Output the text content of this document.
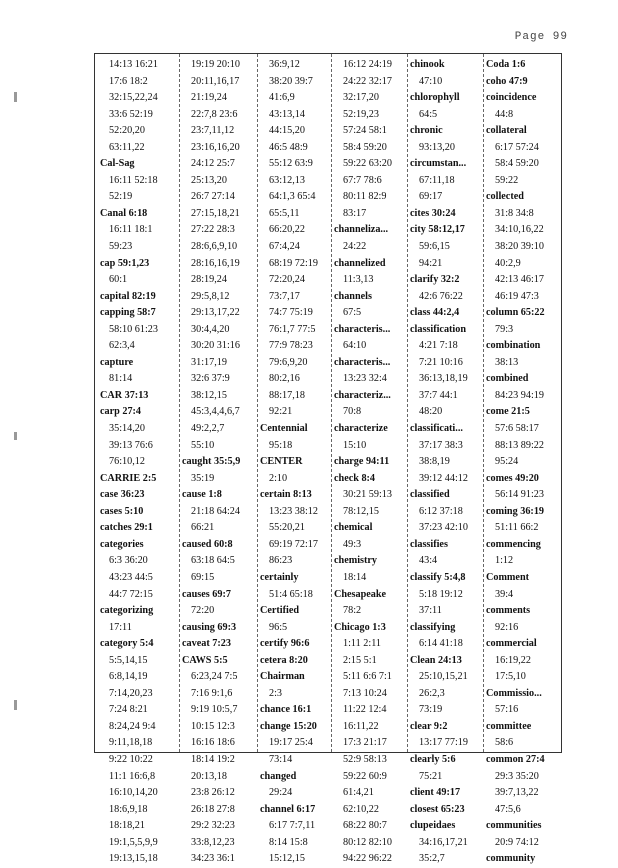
Page 99
14:13 16:21
17:6 18:2
32:15,22,24
33:6 52:19
52:20,20
63:11,22
Cal-Sag
16:11 52:18
52:19
Canal 6:18
16:11 18:1
59:23
cap 59:1,23
60:1
capital 82:19
capping 58:7
58:10 61:23
62:3,4
capture
81:14
CAR 37:13
carp 27:4
35:14,20
39:13 76:6
76:10,12
CARRIE 2:5
case 36:23
cases 5:10
catches 29:1
categories
6:3 36:20
43:23 44:5
44:7 72:15
categorizing
17:11
category 5:4
5:5,14,15
6:8,14,19
7:14,20,23
7:24 8:21
8:24,24 9:4
9:11,18,18
9:22 10:22
11:1 16:6,8
16:10,14,20
18:6,9,18
18:18,21
19:1,5,5,9,9
19:13,15,18
19:19 20:10
20:11,16,17
21:19,24
22:7,8 23:6
23:7,11,12
23:16,16,20
24:12 25:7
25:13,20
26:7 27:14
27:15,18,21
27:22 28:3
28:6,6,9,10
28:16,16,19
28:19,24
29:5,8,12
29:13,17,22
30:4,4,20
30:20 31:16
31:17,19
32:6 37:9
38:12,15
45:3,4,4,6,7
49:2,2,7
55:10
caught 35:5,9
35:19
cause 1:8
21:18 64:24
66:21
caused 60:8
63:18 64:5
69:15
causes 69:7
72:20
causing 69:3
caveat 7:23
CAWS 5:5
6:23,24 7:5
7:16 9:1,6
9:19 10:5,7
10:15 12:3
16:16 18:6
18:14 19:2
20:13,18
23:8 26:12
26:18 27:8
29:2 32:23
33:8,12,23
34:23 36:1
36:9,12
38:20 39:7
41:6,9
43:13,14
44:15,20
46:5 48:9
55:12 63:9
63:12,13
64:1,3 65:4
65:5,11
66:20,22
67:4,24
68:19 72:19
72:20,24
73:7,17
74:7 75:19
76:1,7 77:5
77:9 78:23
79:6,9,20
80:2,16
88:17,18
92:21
Centennial
95:18
CENTER
2:10
certain 8:13
13:23 38:12
55:20,21
69:19 72:17
86:23
certainly
51:4 65:18
Certified
96:5
certify 96:6
cetera 8:20
Chairman
2:3
chance 16:1
change 15:20
19:17 25:4
73:14
changed
29:24
channel 6:17
6:17 7:7,11
8:14 15:8
15:12,15
16:12 24:19
24:22 32:17
32:17,20
52:19,23
57:24 58:1
58:4 59:20
59:22 63:20
67:7 78:6
80:11 82:9
83:17
channeliza...
24:22
channelized
11:3,13
channels
67:5
characteris...
64:10
characteris...
13:23 32:4
characteriz...
70:8
characterize
15:10
charge 94:11
check 8:4
30:21 59:13
78:12,15
chemical
49:3
chemistry
18:14
Chesapeake
78:2
Chicago 1:3
1:11 2:11
2:15 5:1
5:11 6:6 7:1
7:13 10:24
11:22 12:4
16:11,22
17:3 21:17
52:9 58:13
59:22 60:9
61:4,21
62:10,22
68:22 80:7
80:12 82:10
94:22 96:22
chinook
47:10
chlorophyll
64:5
chronic
93:13,20
circumstan...
67:11,18
69:17
cites 30:24
city 58:12,17
59:6,15
94:21
clarify 32:2
42:6 76:22
class 44:2,4
classification
4:21 7:18
7:21 10:16
36:13,18,19
37:7 44:1
48:20
classificati...
37:17 38:3
38:8,19
39:12 44:12
classified
6:12 37:18
37:23 42:10
classifies
43:4
classify 5:4,8
5:18 19:12
37:11
classifying
6:14 41:18
Clean 24:13
25:10,15,21
26:2,3
73:19
clear 9:2
13:17 77:19
clearly 5:6
75:21
client 49:17
closest 65:23
clupeidaes
34:16,17,21
35:2,7
Coda 1:6
coho 47:9
coincidence
44:8
collateral
6:17 57:24
58:4 59:20
59:22
collected
31:8 34:8
34:10,16,22
38:20 39:10
40:2,9
42:13 46:17
46:19 47:3
column 65:22
79:3
combination
38:13
combined
84:23 94:19
come 21:5
57:6 58:17
88:13 89:22
95:24
comes 49:20
56:14 91:23
coming 36:19
51:11 66:2
commencing
1:12
Comment
39:4
comments
92:16
commercial
16:19,22
17:5,10
Commissio...
57:16
committee
58:6
common 27:4
29:3 35:20
39:7,13,22
47:5,6
communities
20:9 74:12
community
